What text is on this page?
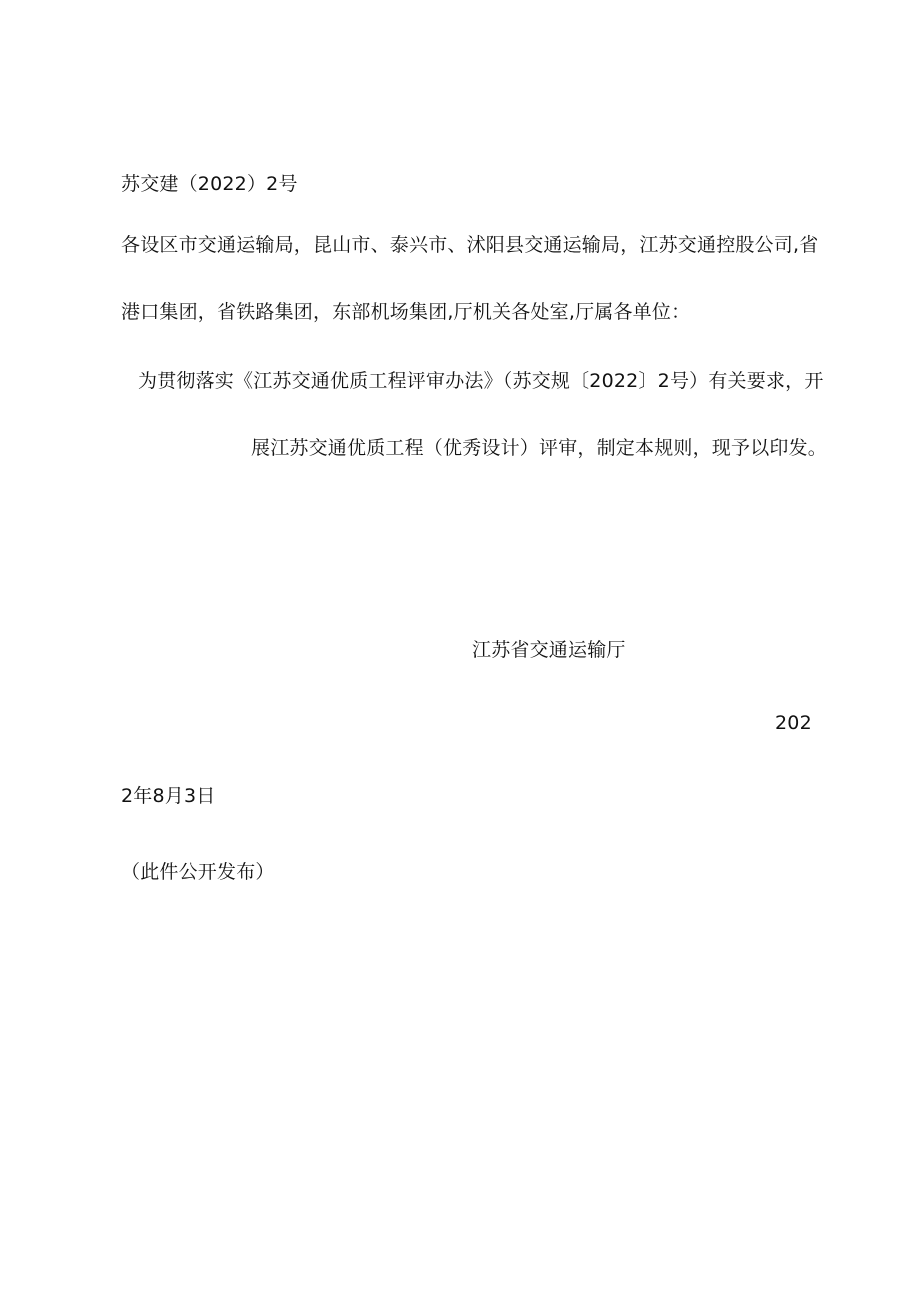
苏交建（2022）2号
各设区市交通运输局，昆山市、泰兴市、沭阳县交通运输局，江苏交通控股公司,省
港口集团，省铁路集团，东部机场集团,厅机关各处室,厅属各单位：
为贯彻落实《江苏交通优质工程评审办法》（苏交规〔2022〕2号）有关要求，开
展江苏交通优质工程（优秀设计）评审，制定本规则，现予以印发。
江苏省交通运输厅
202
2年8月3日
（此件公开发布）
